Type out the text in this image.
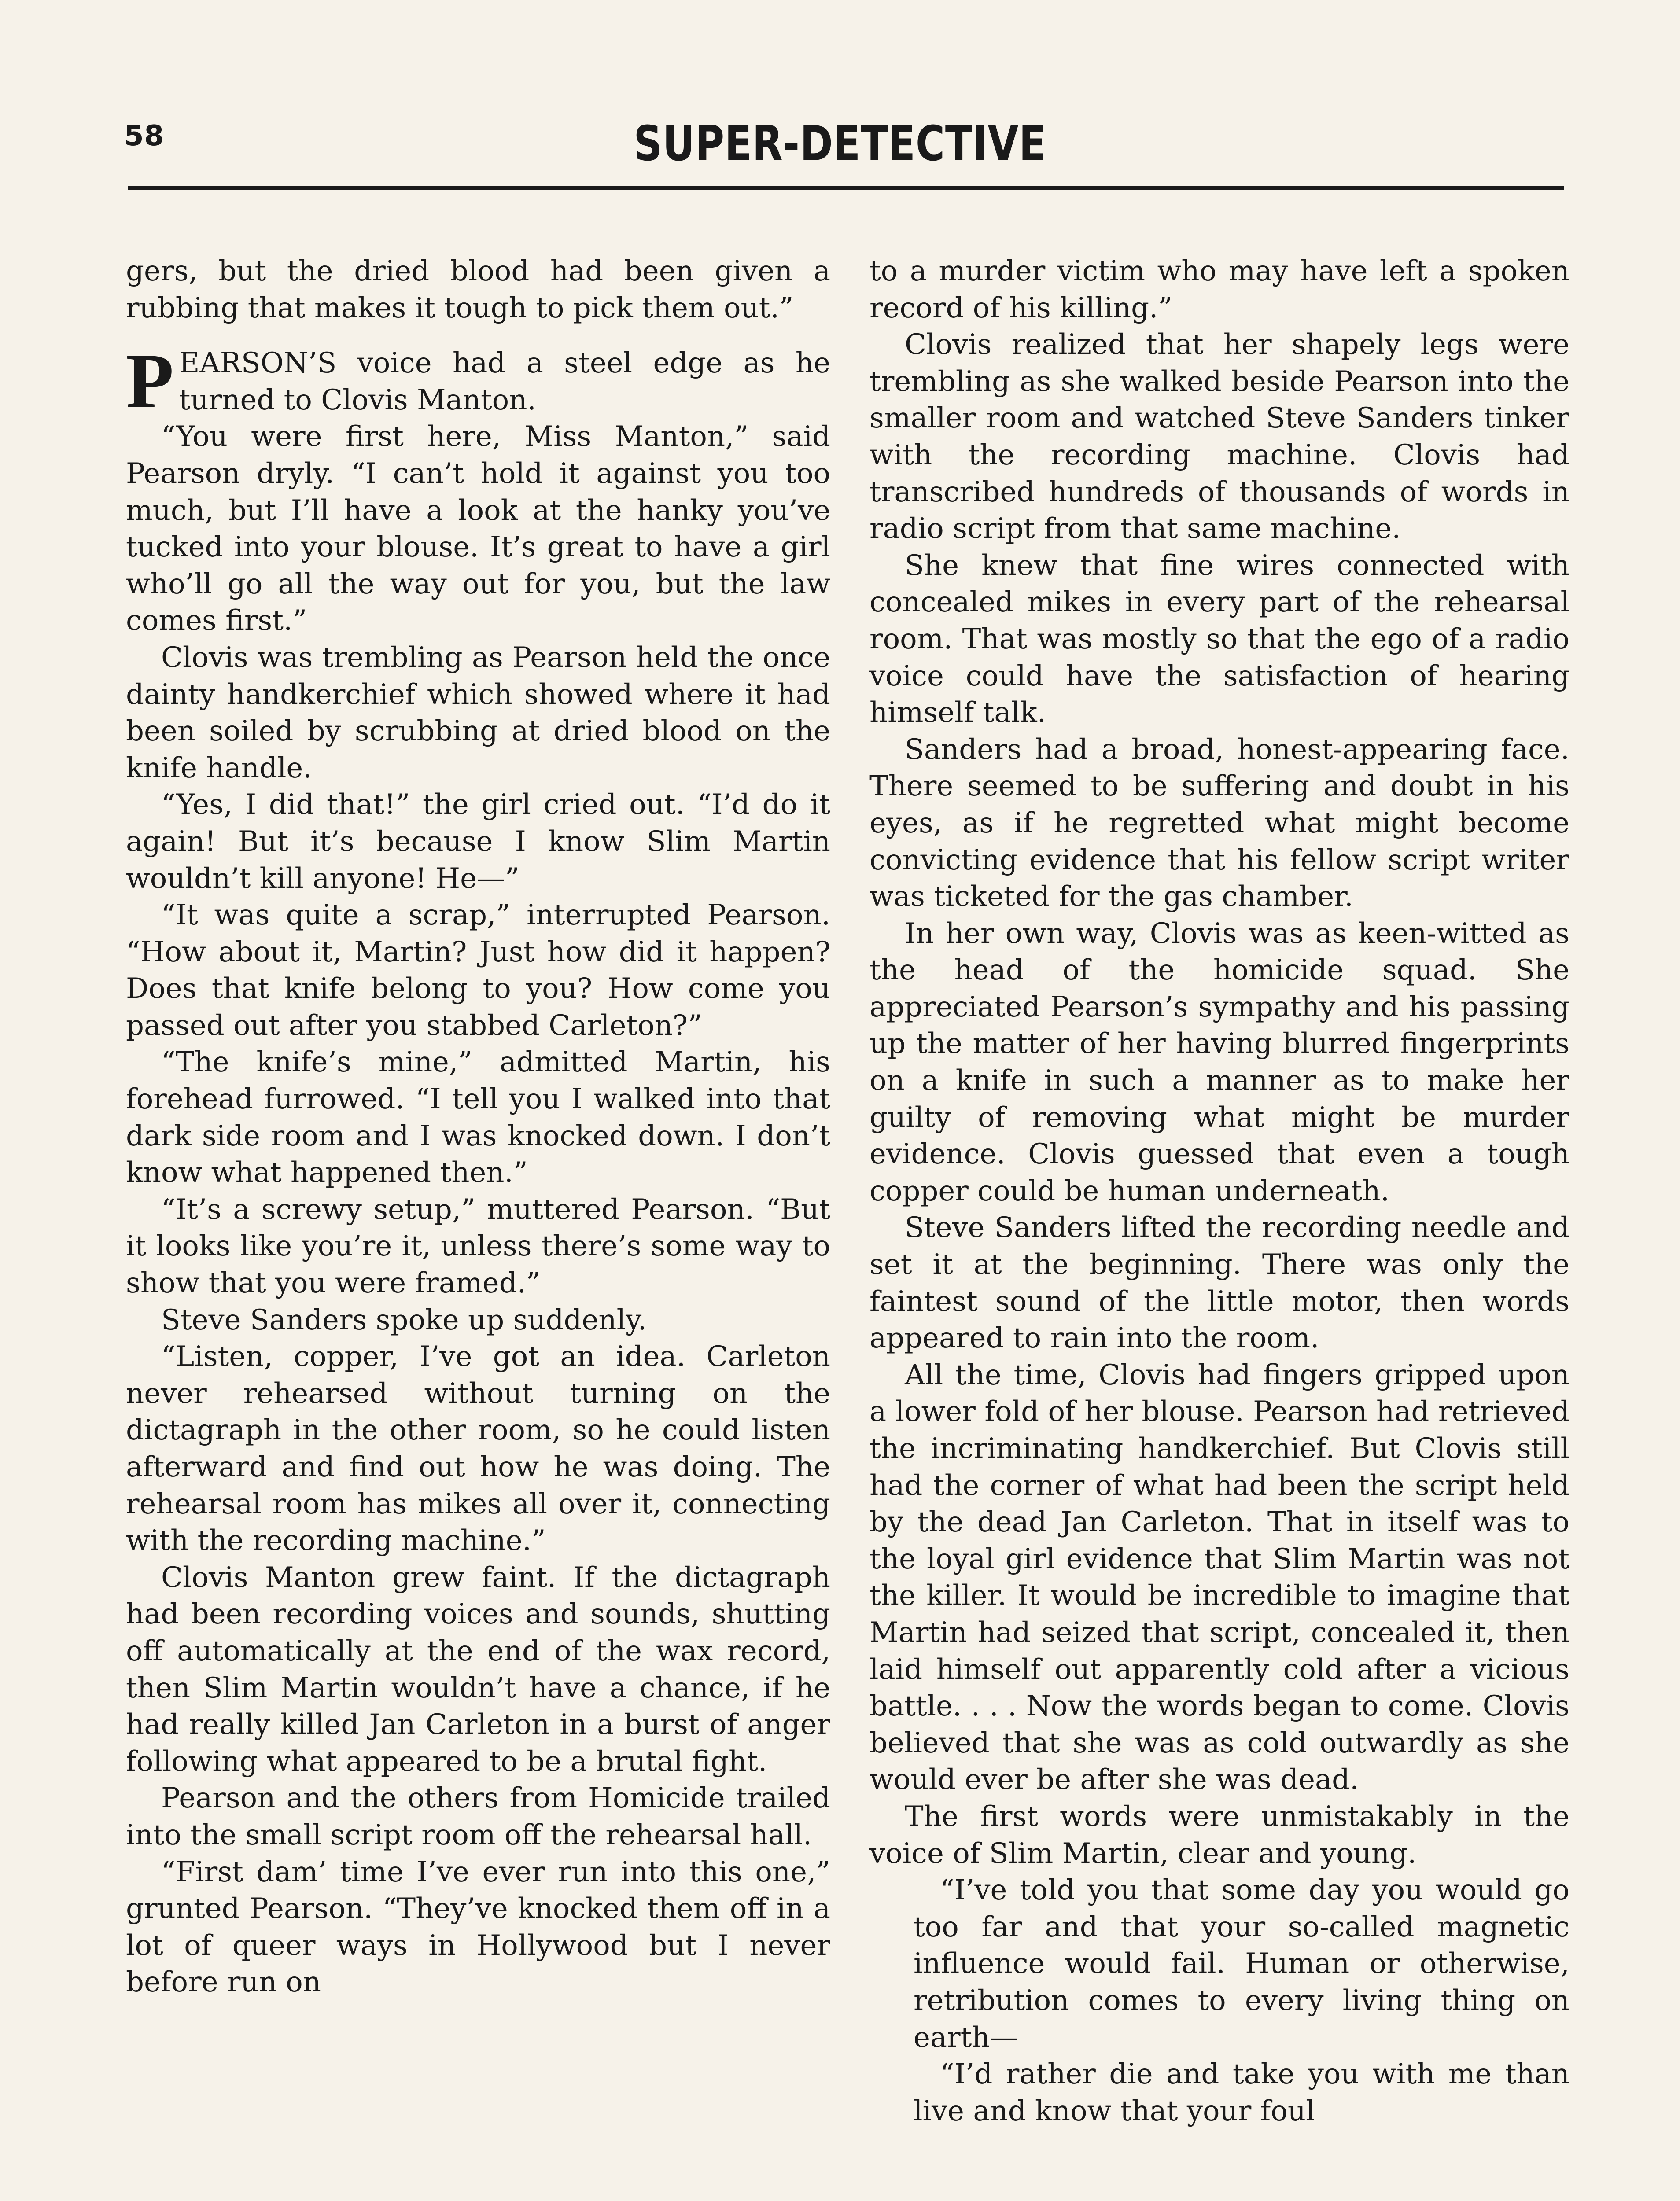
58	SUPER-DETECTIVE

gers, but the dried blood had been given a rubbing that makes it tough to pick them out.”

PEARSON’S voice had a steel edge as he turned to Clovis Manton.

“You were first here, Miss Manton,” said Pearson dryly. “I can’t hold it against you too much, but I’ll have a look at the hanky you’ve tucked into your blouse. It’s great to have a girl who’ll go all the way out for you, but the law comes first.”

Clovis was trembling as Pearson held the once dainty handkerchief which showed where it had been soiled by scrubbing at dried blood on the knife handle.

“Yes, I did that!” the girl cried out. “I’d do it again! But it’s because I know Slim Martin wouldn’t kill anyone! He—”

“It was quite a scrap,” interrupted Pearson. “How about it, Martin? Just how did it happen? Does that knife belong to you? How come you passed out after you stabbed Carleton?”

“The knife’s mine,” admitted Martin, his forehead furrowed. “I tell you I walked into that dark side room and I was knocked down. I don’t know what happened then.”

“It’s a screwy setup,” muttered Pearson. “But it looks like you’re it, unless there’s some way to show that you were framed.”

Steve Sanders spoke up suddenly.

“Listen, copper, I’ve got an idea. Carleton never rehearsed without turning on the dictagraph in the other room, so he could listen afterward and find out how he was doing. The rehearsal room has mikes all over it, connecting with the recording machine.”

Clovis Manton grew faint. If the dictagraph had been recording voices and sounds, shutting off automatically at the end of the wax record, then Slim Martin wouldn’t have a chance, if he had really killed Jan Carleton in a burst of anger following what appeared to be a brutal fight.

Pearson and the others from Homicide trailed into the small script room off the rehearsal hall.

“First dam’ time I’ve ever run into this one,” grunted Pearson. “They’ve knocked them off in a lot of queer ways in Hollywood but I never before run on

to a murder victim who may have left a spoken record of his killing.”

Clovis realized that her shapely legs were trembling as she walked beside Pearson into the smaller room and watched Steve Sanders tinker with the recording machine. Clovis had transcribed hundreds of thousands of words in radio script from that same machine.

She knew that fine wires connected with concealed mikes in every part of the rehearsal room. That was mostly so that the ego of a radio voice could have the satisfaction of hearing himself talk.

Sanders had a broad, honest-appearing face. There seemed to be suffering and doubt in his eyes, as if he regretted what might become convicting evidence that his fellow script writer was ticketed for the gas chamber.

In her own way, Clovis was as keen-witted as the head of the homicide squad. She appreciated Pearson’s sympathy and his passing up the matter of her having blurred fingerprints on a knife in such a manner as to make her guilty of removing what might be murder evidence. Clovis guessed that even a tough copper could be human underneath.

Steve Sanders lifted the recording needle and set it at the beginning. There was only the faintest sound of the little motor, then words appeared to rain into the room.

All the time, Clovis had fingers gripped upon a lower fold of her blouse. Pearson had retrieved the incriminating handkerchief. But Clovis still had the corner of what had been the script held by the dead Jan Carleton. That in itself was to the loyal girl evidence that Slim Martin was not the killer. It would be incredible to imagine that Martin had seized that script, concealed it, then laid himself out apparently cold after a vicious battle. . . . Now the words began to come. Clovis believed that she was as cold outwardly as she would ever be after she was dead.

The first words were unmistakably in the voice of Slim Martin, clear and young.

“I’ve told you that some day you would go too far and that your so-called magnetic influence would fail. Human or otherwise, retribution comes to every living thing on earth—

“I’d rather die and take you with me than live and know that your foul
